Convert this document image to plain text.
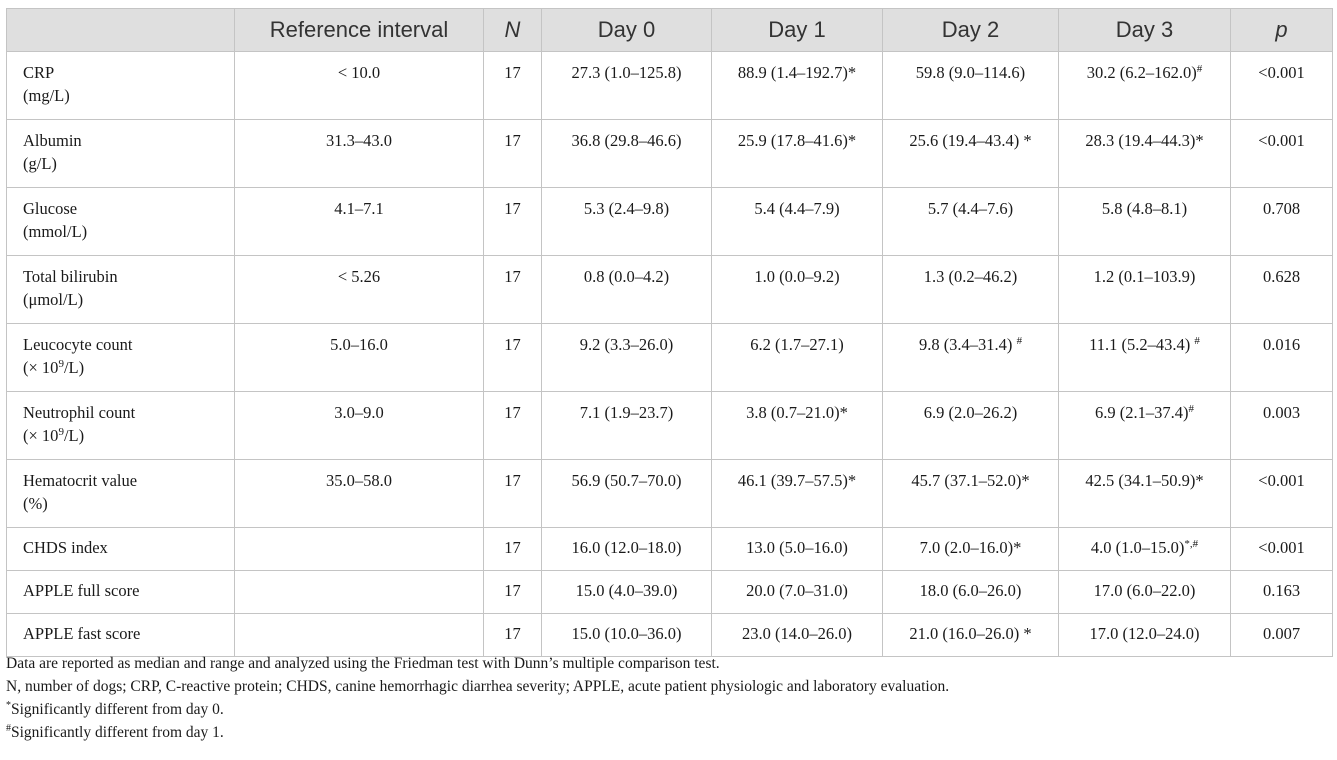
	Reference interval	N	Day 0	Day 1	Day 2	Day 3	p
CRP
(mg/L)	< 10.0	17	27.3 (1.0–125.8)	88.9 (1.4–192.7)*	59.8 (9.0–114.6)	30.2 (6.2–162.0)#	<0.001
Albumin
(g/L)	31.3–43.0	17	36.8 (29.8–46.6)	25.9 (17.8–41.6)*	25.6 (19.4–43.4) *	28.3 (19.4–44.3)*	<0.001
Glucose
(mmol/L)	4.1–7.1	17	5.3 (2.4–9.8)	5.4 (4.4–7.9)	5.7 (4.4–7.6)	5.8 (4.8–8.1)	0.708
Total bilirubin
(μmol/L)	< 5.26	17	0.8 (0.0–4.2)	1.0 (0.0–9.2)	1.3 (0.2–46.2)	1.2 (0.1–103.9)	0.628
Leucocyte count
(× $10^9/L$)	5.0–16.0	17	9.2 (3.3–26.0)	6.2 (1.7–27.1)	9.8 (3.4–31.4) #	11.1 (5.2–43.4) #	0.016
Neutrophil count
(× $10^9/L$)	3.0–9.0	17	7.1 (1.9–23.7)	3.8 (0.7–21.0)*	6.9 (2.0–26.2)	6.9 (2.1–37.4)#	0.003
Hematocrit value
(%)	35.0–58.0	17	56.9 (50.7–70.0)	46.1 (39.7–57.5)*	45.7 (37.1–52.0)*	42.5 (34.1–50.9)*	<0.001
CHDS index		17	16.0 (12.0–18.0)	13.0 (5.0–16.0)	7.0 (2.0–16.0)*	4.0 (1.0–15.0)*,#	<0.001
APPLE full score		17	15.0 (4.0–39.0)	20.0 (7.0–31.0)	18.0 (6.0–26.0)	17.0 (6.0–22.0)	0.163
APPLE fast score		17	15.0 (10.0–36.0)	23.0 (14.0–26.0)	21.0 (16.0–26.0) *	17.0 (12.0–24.0)	0.007

Data are reported as median and range and analyzed using the Friedman test with Dunn’s multiple comparison test.

N, number of dogs; CRP, C-reactive protein; CHDS, canine hemorrhagic diarrhea severity; APPLE, acute patient physiologic and laboratory evaluation.

*Significantly different from day 0.

#Significantly different from day 1.
